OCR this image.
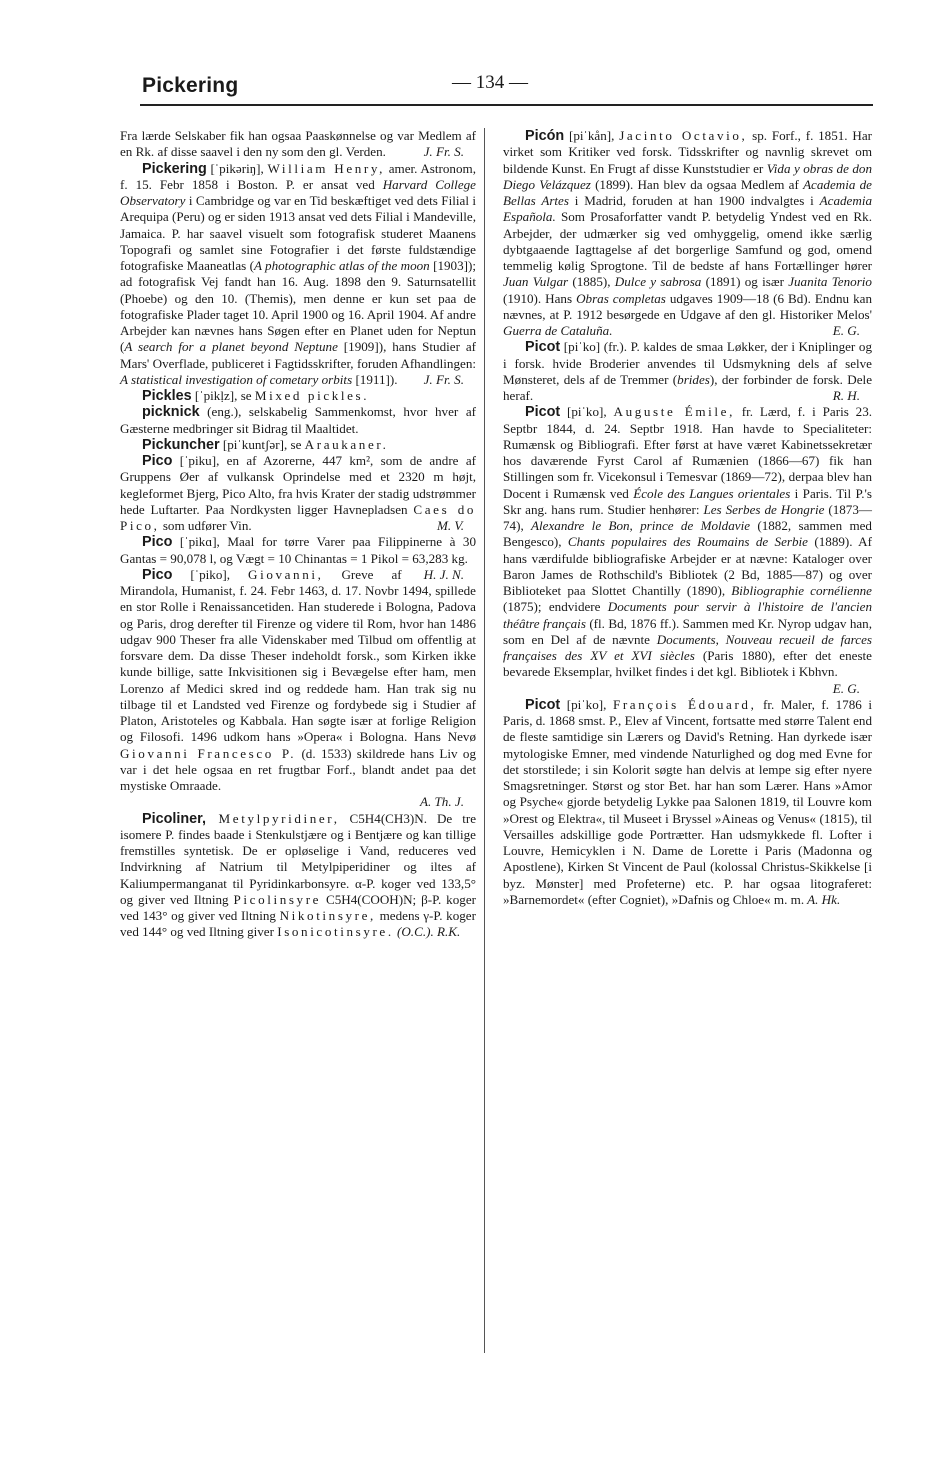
Pickering	— 134 —

Fra lærde Selskaber fik han ogsaa Paaskønnelse og var Medlem af en Rk. af disse saavel i den ny som den gl. Verden.	J. Fr. S.

Pickering [ˈpikəriŋ], William Henry, amer. Astronom, f. 15. Febr 1858 i Boston. P. er ansat ved Harvard College Observatory i Cambridge og var en Tid beskæftiget ved dets Filial i Arequipa (Peru) og er siden 1913 ansat ved dets Filial i Mandeville, Jamaica. P. har saavel visuelt som fotografisk studeret Maanens Topografi og samlet sine Fotografier i det første fuldstændige fotografiske Maaneatlas (A photographic atlas of the moon [1903]); ad fotografisk Vej fandt han 16. Aug. 1898 den 9. Saturnsatellit (Phoebe) og den 10. (Themis), men denne er kun set paa de fotografiske Plader taget 10. April 1900 og 16. April 1904. Af andre Arbejder kan nævnes hans Søgen efter en Planet uden for Neptun (A search for a planet beyond Neptune [1909]), hans Studier af Mars' Overflade, publiceret i Fagtidsskrifter, foruden Afhandlingen: A statistical investigation of cometary orbits [1911]).	J. Fr. S.

Pickles [ˈpikḷz], se Mixed pickles.

picknick (eng.), selskabelig Sammenkomst, hvor hver af Gæsterne medbringer sit Bidrag til Maaltidet.

Pickuncher [piˈkuntʃər], se Araukaner.

Pico [ˈpiku], en af Azorerne, 447 km², som de andre af Gruppens Øer af vulkansk Oprindelse med et 2320 m højt, kegleformet Bjerg, Pico Alto, fra hvis Krater der stadig udstrømmer hede Luftarter. Paa Nordkysten ligger Havnepladsen Caes do Pico, som udfører Vin.	M. V.

Pico [ˈpikɑ], Maal for tørre Varer paa Filippinerne à 30 Gantas = 90,078 l, og Vægt = 10 Chinantas = 1 Pikol = 63,283 kg.
H. J. N.

Pico [ˈpiko], Giovanni, Greve af Mirandola, Humanist, f. 24. Febr 1463, d. 17. Novbr 1494, spillede en stor Rolle i Renaissancetiden. Han studerede i Bologna, Padova og Paris, drog derefter til Firenze og videre til Rom, hvor han 1486 udgav 900 Theser fra alle Videnskaber med Tilbud om offentlig at forsvare dem. Da disse Theser indeholdt forsk., som Kirken ikke kunde billige, satte Inkvisitionen sig i Bevægelse efter ham, men Lorenzo af Medici skred ind og reddede ham. Han trak sig nu tilbage til et Landsted ved Firenze og fordybede sig i Studier af Platon, Aristoteles og Kabbala. Han søgte især at forlige Religion og Filosofi. 1496 udkom hans »Opera« i Bologna. Hans Nevø Giovanni Francesco P. (d. 1533) skildrede hans Liv og var i det hele ogsaa en ret frugtbar Forf., blandt andet paa det mystiske Omraade.

A. Th. J.

Picoliner, Metylpyridiner, C5H4(CH3)N. De tre isomere P. findes baade i Stenkulstjære og i Bentjære og kan tillige fremstilles syntetisk. De er opløselige i Vand, reduceres ved Indvirkning af Natrium til Metylpiperidiner og iltes af Kaliumpermanganat til Pyridinkarbonsyre. α-P. koger ved 133,5° og giver ved Iltning Picolinsyre C5H4(COOH)N; β-P. koger ved 143° og giver ved Iltning Nikotinsyre, medens γ-P. koger ved 144° og ved Iltning giver Isonicotinsyre. (O.C.). R.K.

Picón [piˈkån], Jacinto Octavio, sp. Forf., f. 1851. Har virket som Kritiker ved forsk. Tidsskrifter og navnlig skrevet om bildende Kunst. En Frugt af disse Kunststudier er Vida y obras de don Diego Velázquez (1899). Han blev da ogsaa Medlem af Academia de Bellas Artes i Madrid, foruden at han 1900 indvalgtes i Academia Española. Som Prosaforfatter vandt P. betydelig Yndest ved en Rk. Arbejder, der udmærker sig ved omhyggelig, omend ikke særlig dybtgaaende Iagttagelse af det borgerlige Samfund og god, omend temmelig kølig Sprogtone. Til de bedste af hans Fortællinger hører Juan Vulgar (1885), Dulce y sabrosa (1891) og især Juanita Tenorio (1910). Hans Obras completas udgaves 1909—18 (6 Bd). Endnu kan nævnes, at P. 1912 besørgede en Udgave af den gl. Historiker Melos' Guerra de Cataluña.	E. G.

Picot [piˈko] (fr.). P. kaldes de smaa Løkker, der i Kniplinger og i forsk. hvide Broderier anvendes til Udsmykning dels af selve Mønsteret, dels af de Tremmer (brides), der forbinder de forsk. Dele heraf.	R. H.

Picot [piˈko], Auguste Émile, fr. Lærd, f. i Paris 23. Septbr 1844, d. 24. Septbr 1918. Han havde to Specialiteter: Rumænsk og Bibliografi. Efter først at have været Kabinetssekretær hos daværende Fyrst Carol af Rumænien (1866—67) fik han Stillingen som fr. Vicekonsul i Temesvar (1869—72), derpaa blev han Docent i Rumænsk ved École des Langues orientales i Paris. Til P.'s Skr ang. hans rum. Studier henhører: Les Serbes de Hongrie (1873—74), Alexandre le Bon, prince de Moldavie (1882, sammen med Bengesco), Chants populaires des Roumains de Serbie (1889). Af hans værdifulde bibliografiske Arbejder er at nævne: Kataloger over Baron James de Rothschild's Bibliotek (2 Bd, 1885—87) og over Biblioteket paa Slottet Chantilly (1890), Bibliographie cornélienne (1875); endvidere Documents pour servir à l'histoire de l'ancien théâtre français (fl. Bd, 1876 ff.). Sammen med Kr. Nyrop udgav han, som en Del af de nævnte Documents, Nouveau recueil de farces françaises des XV et XVI siècles (Paris 1880), efter det eneste bevarede Eksemplar, hvilket findes i det kgl. Bibliotek i Kbhvn.

E. G.

Picot [piˈko], François Édouard, fr. Maler, f. 1786 i Paris, d. 1868 smst. P., Elev af Vincent, fortsatte med større Talent end de fleste samtidige sin Lærers og David's Retning. Han dyrkede især mytologiske Emner, med vindende Naturlighed og dog med Evne for det storstilede; i sin Kolorit søgte han delvis at lempe sig efter nyere Smagsretninger. Størst og stor Bet. har han som Lærer. Hans »Amor og Psyche« gjorde betydelig Lykke paa Salonen 1819, til Louvre kom »Orest og Elektra«, til Museet i Bryssel »Aineas og Venus« (1815), til Versailles adskillige gode Portrætter. Han udsmykkede fl. Lofter i Louvre, Hemicyklen i N. Dame de Lorette i Paris (Madonna og Apostlene), Kirken St Vincent de Paul (kolossal Christus-Skikkelse [i byz. Mønster] med Profeterne) etc. P. har ogsaa litograferet: »Barnemordet« (efter Cogniet), »Dafnis og Chloe« m. m. A. Hk.
